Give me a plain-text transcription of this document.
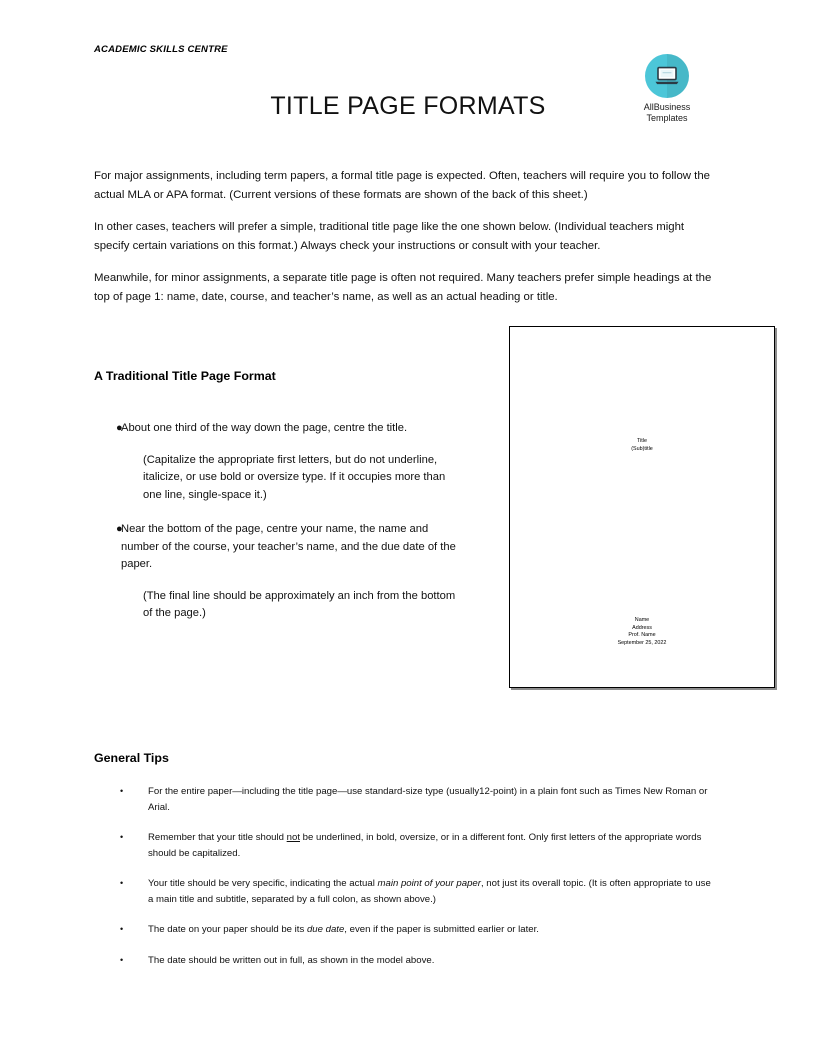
ACADEMIC SKILLS CENTRE
AllBusiness
Templates
TITLE PAGE FORMATS

For major assignments, including term papers, a formal title page is expected. Often, teachers will require you to follow the actual MLA or APA format. (Current versions of these formats are shown of the back of this sheet.)

In other cases, teachers will prefer a simple, traditional title page like the one shown below. (Individual teachers might specify certain variations on this format.) Always check your instructions or consult with your teacher.

Meanwhile, for minor assignments, a separate title page is often not required. Many teachers prefer simple headings at the top of page 1: name, date, course, and teacher’s name, as well as an actual heading or title.

A Traditional Title Page Format
●
About one third of the way down the page, centre the title.
(Capitalize the appropriate first letters, but do not underline, italicize, or use bold or oversize type. If it occupies more than one line, single-space it.)
●
Near the bottom of the page, centre your name, the name and number of the course, your teacher’s name, and the due date of the paper.
(The final line should be approximately an inch from the bottom of the page.)
Title
(Sub)title
Name
Address
Prof. Name
September 25, 2022
General Tips
•	For the entire paper—including the title page—use standard-size type (usually12-point) in a plain font such as Times New Roman or Arial.
•	Remember that your title should not be underlined, in bold, oversize, or in a different font. Only first letters of the appropriate words should be capitalized.
•	Your title should be very specific, indicating the actual main point of your paper, not just its overall topic. (It is often appropriate to use a main title and subtitle, separated by a full colon, as shown above.)
•	The date on your paper should be its due date, even if the paper is submitted earlier or later.
•	The date should be written out in full, as shown in the model above.
